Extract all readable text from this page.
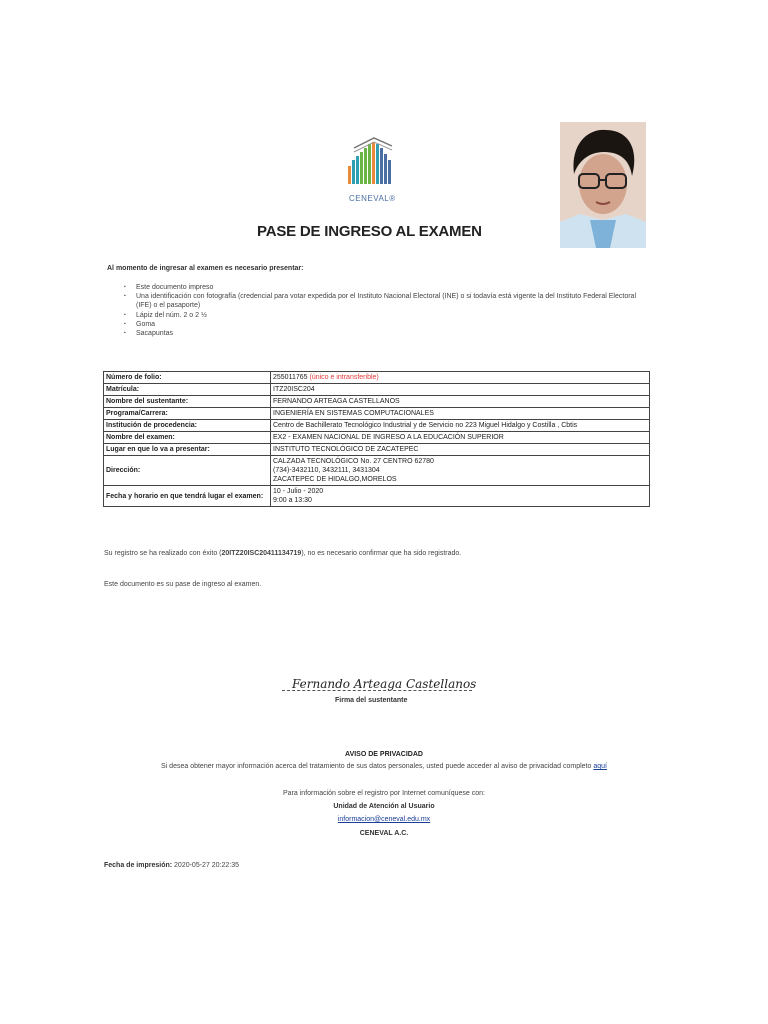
CENEVAL®
PASE DE INGRESO AL EXAMEN
Al momento de ingresar al examen es necesario presentar:
▪ Este documento impreso
▪ Una identificación con fotografía (credencial para votar expedida por el Instituto Nacional Electoral (INE) o si todavía está vigente la del Instituto Federal Electoral (IFE) o el pasaporte)
▪ Lápiz del núm. 2 o 2 ½
▪ Goma
▪ Sacapuntas
Número de folio:	255011765 (único e intransferible)
Matrícula:	ITZ20ISC204
Nombre del sustentante:	FERNANDO ARTEAGA CASTELLANOS
Programa/Carrera:	INGENIERÍA EN SISTEMAS COMPUTACIONALES
Institución de procedencia:	Centro de Bachillerato Tecnológico Industrial y de Servicio no 223 Miguel Hidalgo y Costilla , Cbtis
Nombre del examen:	EX2 - EXAMEN NACIONAL DE INGRESO A LA EDUCACIÓN SUPERIOR
Lugar en que lo va a presentar:	INSTITUTO TECNOLÓGICO DE ZACATEPEC
Dirección:	CALZADA TECNOLÓGICO No. 27 CENTRO 62780
(734)-3432110, 3432111, 3431304
ZACATEPEC DE HIDALGO,MORELOS

Fecha y horario en que tendrá lugar el examen:	10 - Julio - 2020
9:00 a 13:30
Su registro se ha realizado con éxito (20ITZ20ISC20411134719), no es necesario confirmar que ha sido registrado.
Este documento es su pase de ingreso al examen.
Fernando Arteaga Castellanos
Firma del sustentante
AVISO DE PRIVACIDAD
Si desea obtener mayor información acerca del tratamiento de sus datos personales, usted puede acceder al aviso de privacidad completo aquí
Para información sobre el registro por Internet comuníquese con:
Unidad de Atención al Usuario
informacion@ceneval.edu.mx
CENEVAL A.C.
Fecha de impresión: 2020-05-27 20:22:35
